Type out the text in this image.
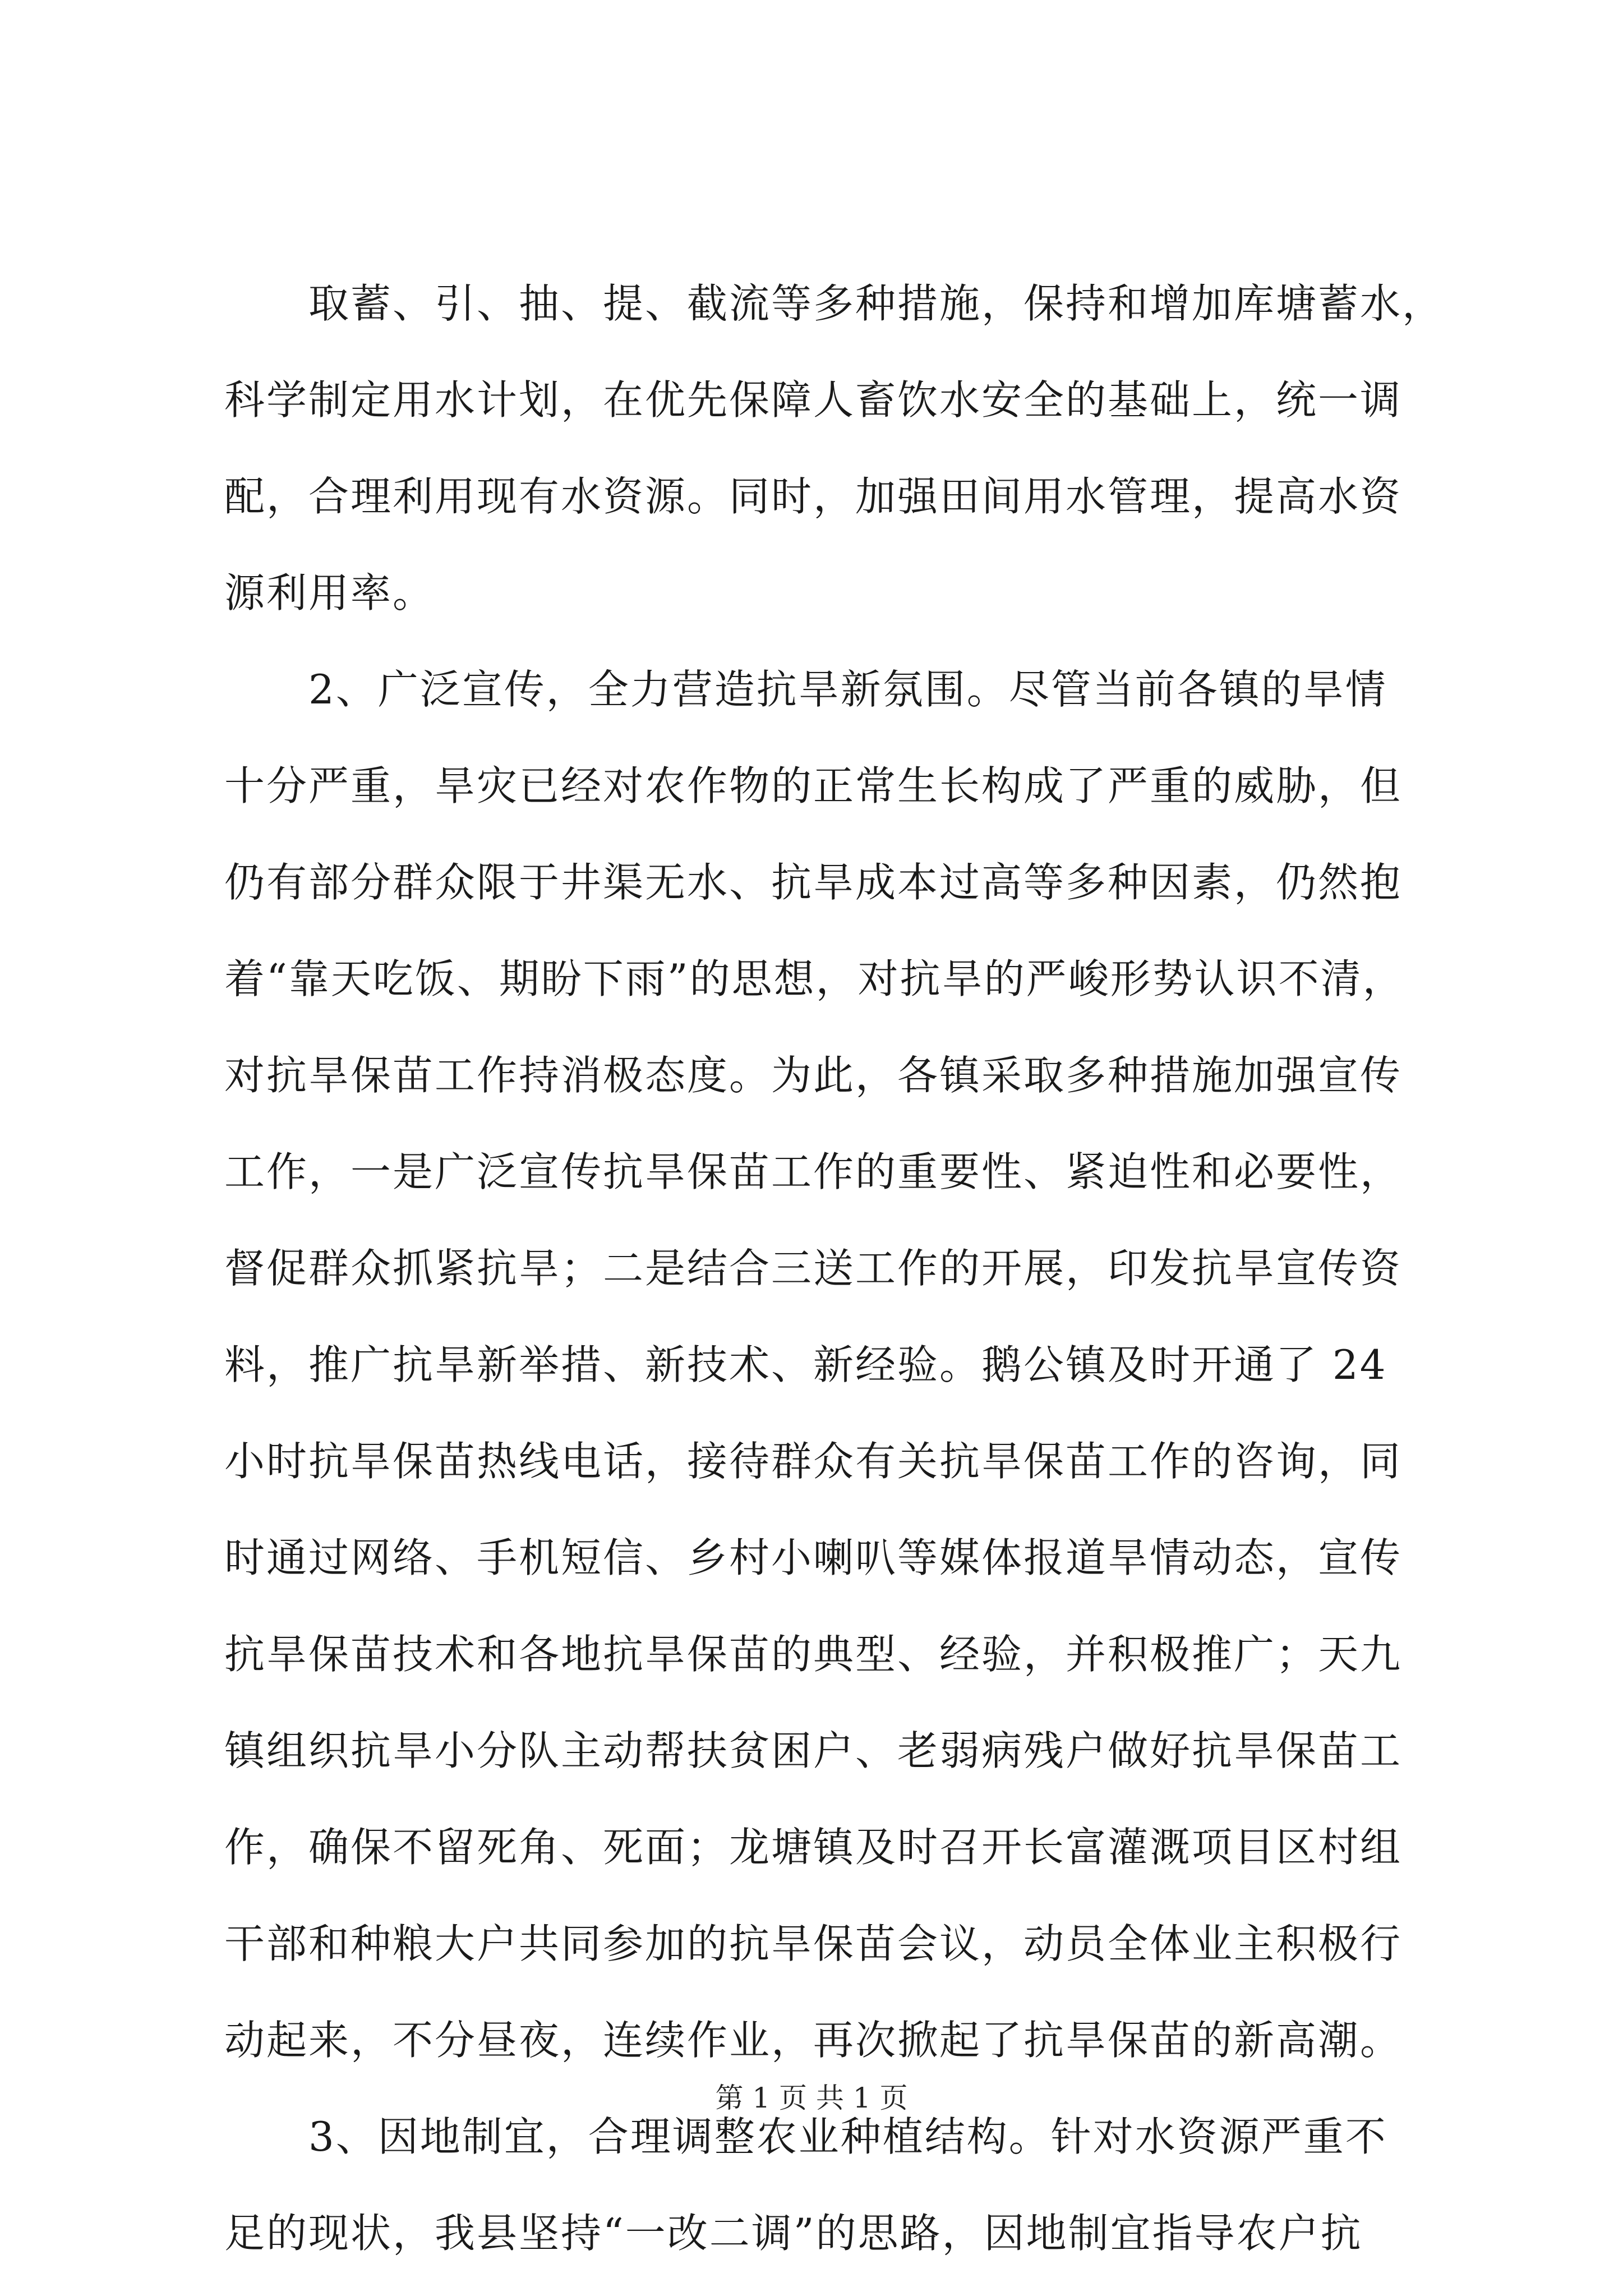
　　取蓄、引、抽、提、截流等多种措施，保持和增加库塘蓄水，
科学制定用水计划，在优先保障人畜饮水安全的基础上，统一调
配，合理利用现有水资源。同时，加强田间用水管理，提高水资
源利用率。
　　2、广泛宣传，全力营造抗旱新氛围。尽管当前各镇的旱情
十分严重，旱灾已经对农作物的正常生长构成了严重的威胁，但
仍有部分群众限于井渠无水、抗旱成本过高等多种因素，仍然抱
着“靠天吃饭、期盼下雨”的思想，对抗旱的严峻形势认识不清，
对抗旱保苗工作持消极态度。为此，各镇采取多种措施加强宣传
工作，一是广泛宣传抗旱保苗工作的重要性、紧迫性和必要性，
督促群众抓紧抗旱；二是结合三送工作的开展，印发抗旱宣传资
料，推广抗旱新举措、新技术、新经验。鹅公镇及时开通了 24
小时抗旱保苗热线电话，接待群众有关抗旱保苗工作的咨询，同
时通过网络、手机短信、乡村小喇叭等媒体报道旱情动态，宣传
抗旱保苗技术和各地抗旱保苗的典型、经验，并积极推广；天九
镇组织抗旱小分队主动帮扶贫困户、老弱病残户做好抗旱保苗工
作，确保不留死角、死面；龙塘镇及时召开长富灌溉项目区村组
干部和种粮大户共同参加的抗旱保苗会议，动员全体业主积极行
动起来，不分昼夜，连续作业，再次掀起了抗旱保苗的新高潮。
　　3、因地制宜，合理调整农业种植结构。针对水资源严重不
足的现状，我县坚持“一改二调”的思路，因地制宜指导农户抗
第 1 页 共 1 页
